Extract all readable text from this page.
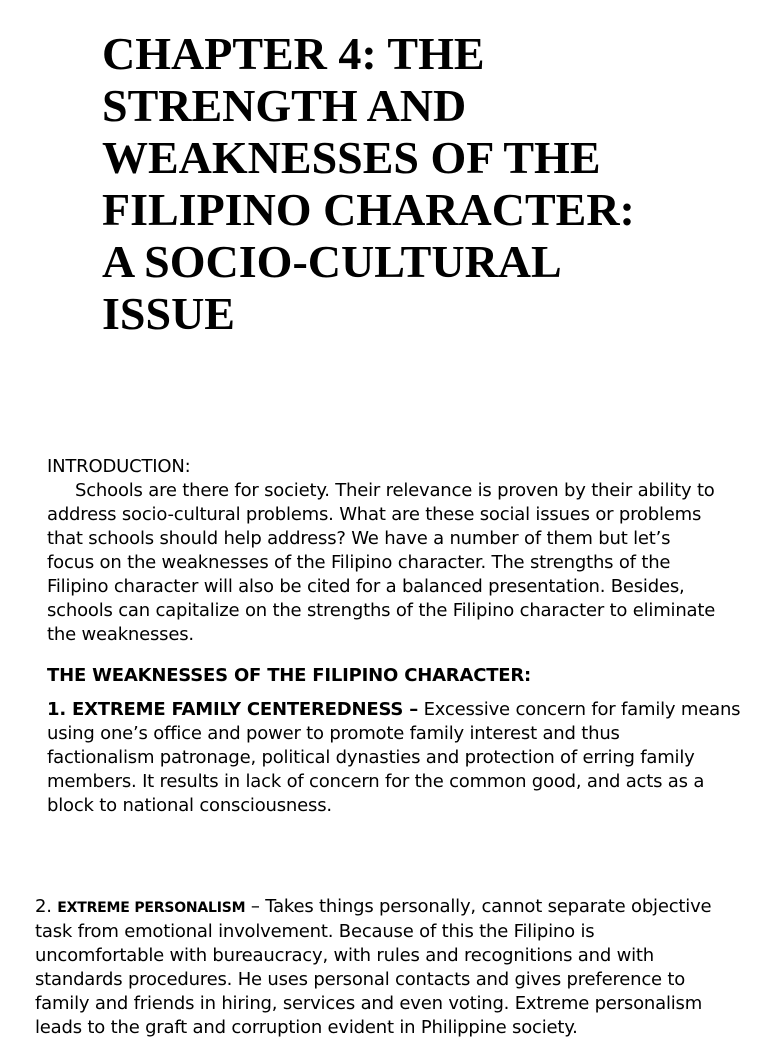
CHAPTER 4: THE
STRENGTH AND
WEAKNESSES OF THE
FILIPINO CHARACTER:
A SOCIO-CULTURAL
ISSUE
INTRODUCTION:
Schools are there for society. Their relevance is proven by their ability to
address socio-cultural problems. What are these social issues or problems
that schools should help address? We have a number of them but let’s
focus on the weaknesses of the Filipino character. The strengths of the
Filipino character will also be cited for a balanced presentation. Besides,
schools can capitalize on the strengths of the Filipino character to eliminate
the weaknesses.
THE WEAKNESSES OF THE FILIPINO CHARACTER:
1. EXTREME FAMILY CENTEREDNESS – Excessive concern for family means
using one’s office and power to promote family interest and thus
factionalism patronage, political dynasties and protection of erring family
members. It results in lack of concern for the common good, and acts as a
block to national consciousness.
2. EXTREME PERSONALISM – Takes things personally, cannot separate objective
task from emotional involvement. Because of this the Filipino is
uncomfortable with bureaucracy, with rules and recognitions and with
standards procedures. He uses personal contacts and gives preference to
family and friends in hiring, services and even voting. Extreme personalism
leads to the graft and corruption evident in Philippine society.
